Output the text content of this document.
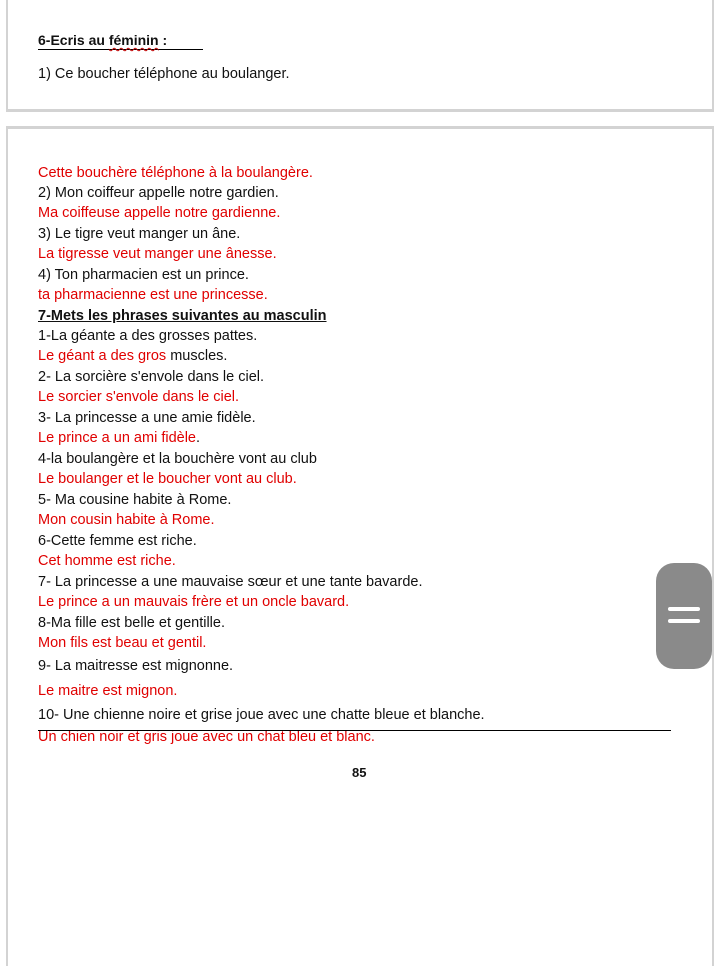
6-Ecris au féminin :
1) Ce boucher téléphone au boulanger.
Cette bouchère téléphone à la boulangère.
2) Mon coiffeur appelle notre gardien.
Ma coiffeuse appelle notre gardienne.
3) Le tigre veut manger un âne.
La tigresse veut manger une ânesse.
4) Ton pharmacien est un prince.
ta pharmacienne est une princesse.
7-Mets les phrases suivantes au masculin
1-La géante a des grosses pattes.
Le géant a des gros muscles.
2- La sorcière s'envole dans le ciel.
Le sorcier s'envole dans le ciel.
3- La princesse a une amie fidèle.
Le prince a un ami fidèle.
4-la boulangère et la bouchère vont au club
Le boulanger et le boucher vont au club.
5- Ma cousine habite à Rome.
Mon cousin habite à Rome.
6-Cette femme est riche.
Cet homme est riche.
7- La princesse a une mauvaise sœur et une tante bavarde.
Le prince a un mauvais frère et un oncle bavard.
8-Ma fille est belle et gentille.
Mon fils est beau et gentil.
9- La maitresse est mignonne.
Le maitre est mignon.
10- Une chienne noire et grise joue avec une chatte bleue et blanche.
Un chien noir et gris joue avec un chat bleu et blanc.
85
